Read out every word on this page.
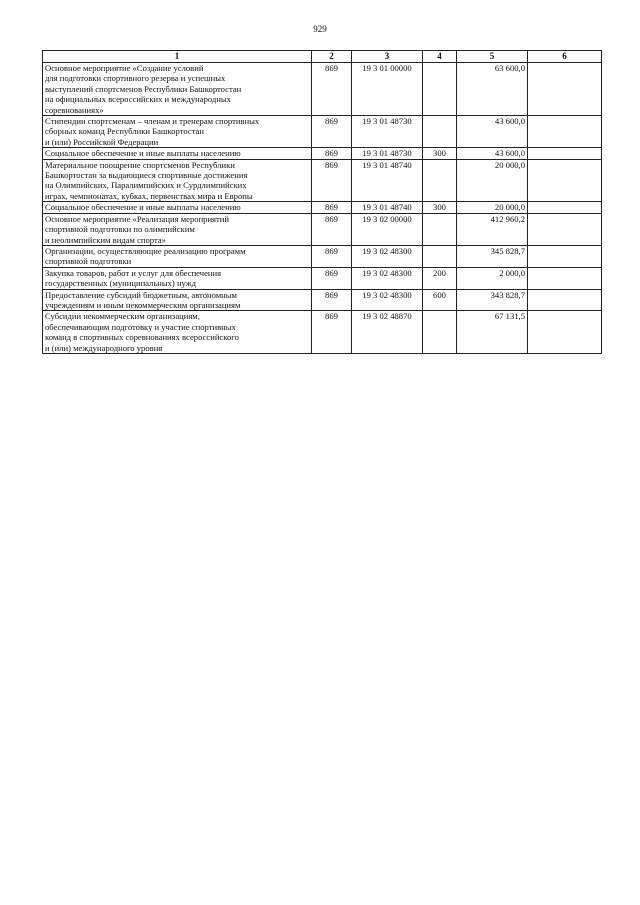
929
1	2	3	4	5	6
Основное мероприятие «Создание условий
для подготовки спортивного резерва и успешных
выступлений спортсменов Республики Башкортостан
на официальных всероссийских и международных
соревнованиях»	869	19 3 01 00000		63 600,0	
Стипендии спортсменам – членам и тренерам спортивных
сборных команд Республики Башкортостан
и (или) Российской Федерации	869	19 3 01 48730		43 600,0	
Социальное обеспечение и иные выплаты населению	869	19 3 01 48730	300	43 600,0	
Материальное поощрение спортсменов Республики
Башкортостан за выдающиеся спортивные достижения
на Олимпийских, Паралимпийских и Сурдлимпийских
играх, чемпионатах, кубках, первенствах мира и Европы	869	19 3 01 48740		20 000,0	
Социальное обеспечение и иные выплаты населению	869	19 3 01 48740	300	20 000,0	
Основное мероприятие «Реализация мероприятий
спортивной подготовки по олимпийским
и неолимпийским видам спорта»	869	19 3 02 00000		412 960,2	
Организации, осуществляющие реализацию программ
спортивной подготовки	869	19 3 02 48300		345 828,7	
Закупка товаров, работ и услуг для обеспечения
государственных (муниципальных) нужд	869	19 3 02 48300	200	2 000,0	
Предоставление субсидий бюджетным, автономным
учреждениям и иным некоммерческим организациям	869	19 3 02 48300	600	343 828,7	
Субсидии некоммерческим организациям,
обеспечивающим подготовку и участие спортивных
команд в спортивных соревнованиях всероссийского
и (или) международного уровня	869	19 3 02 48870		67 131,5	
